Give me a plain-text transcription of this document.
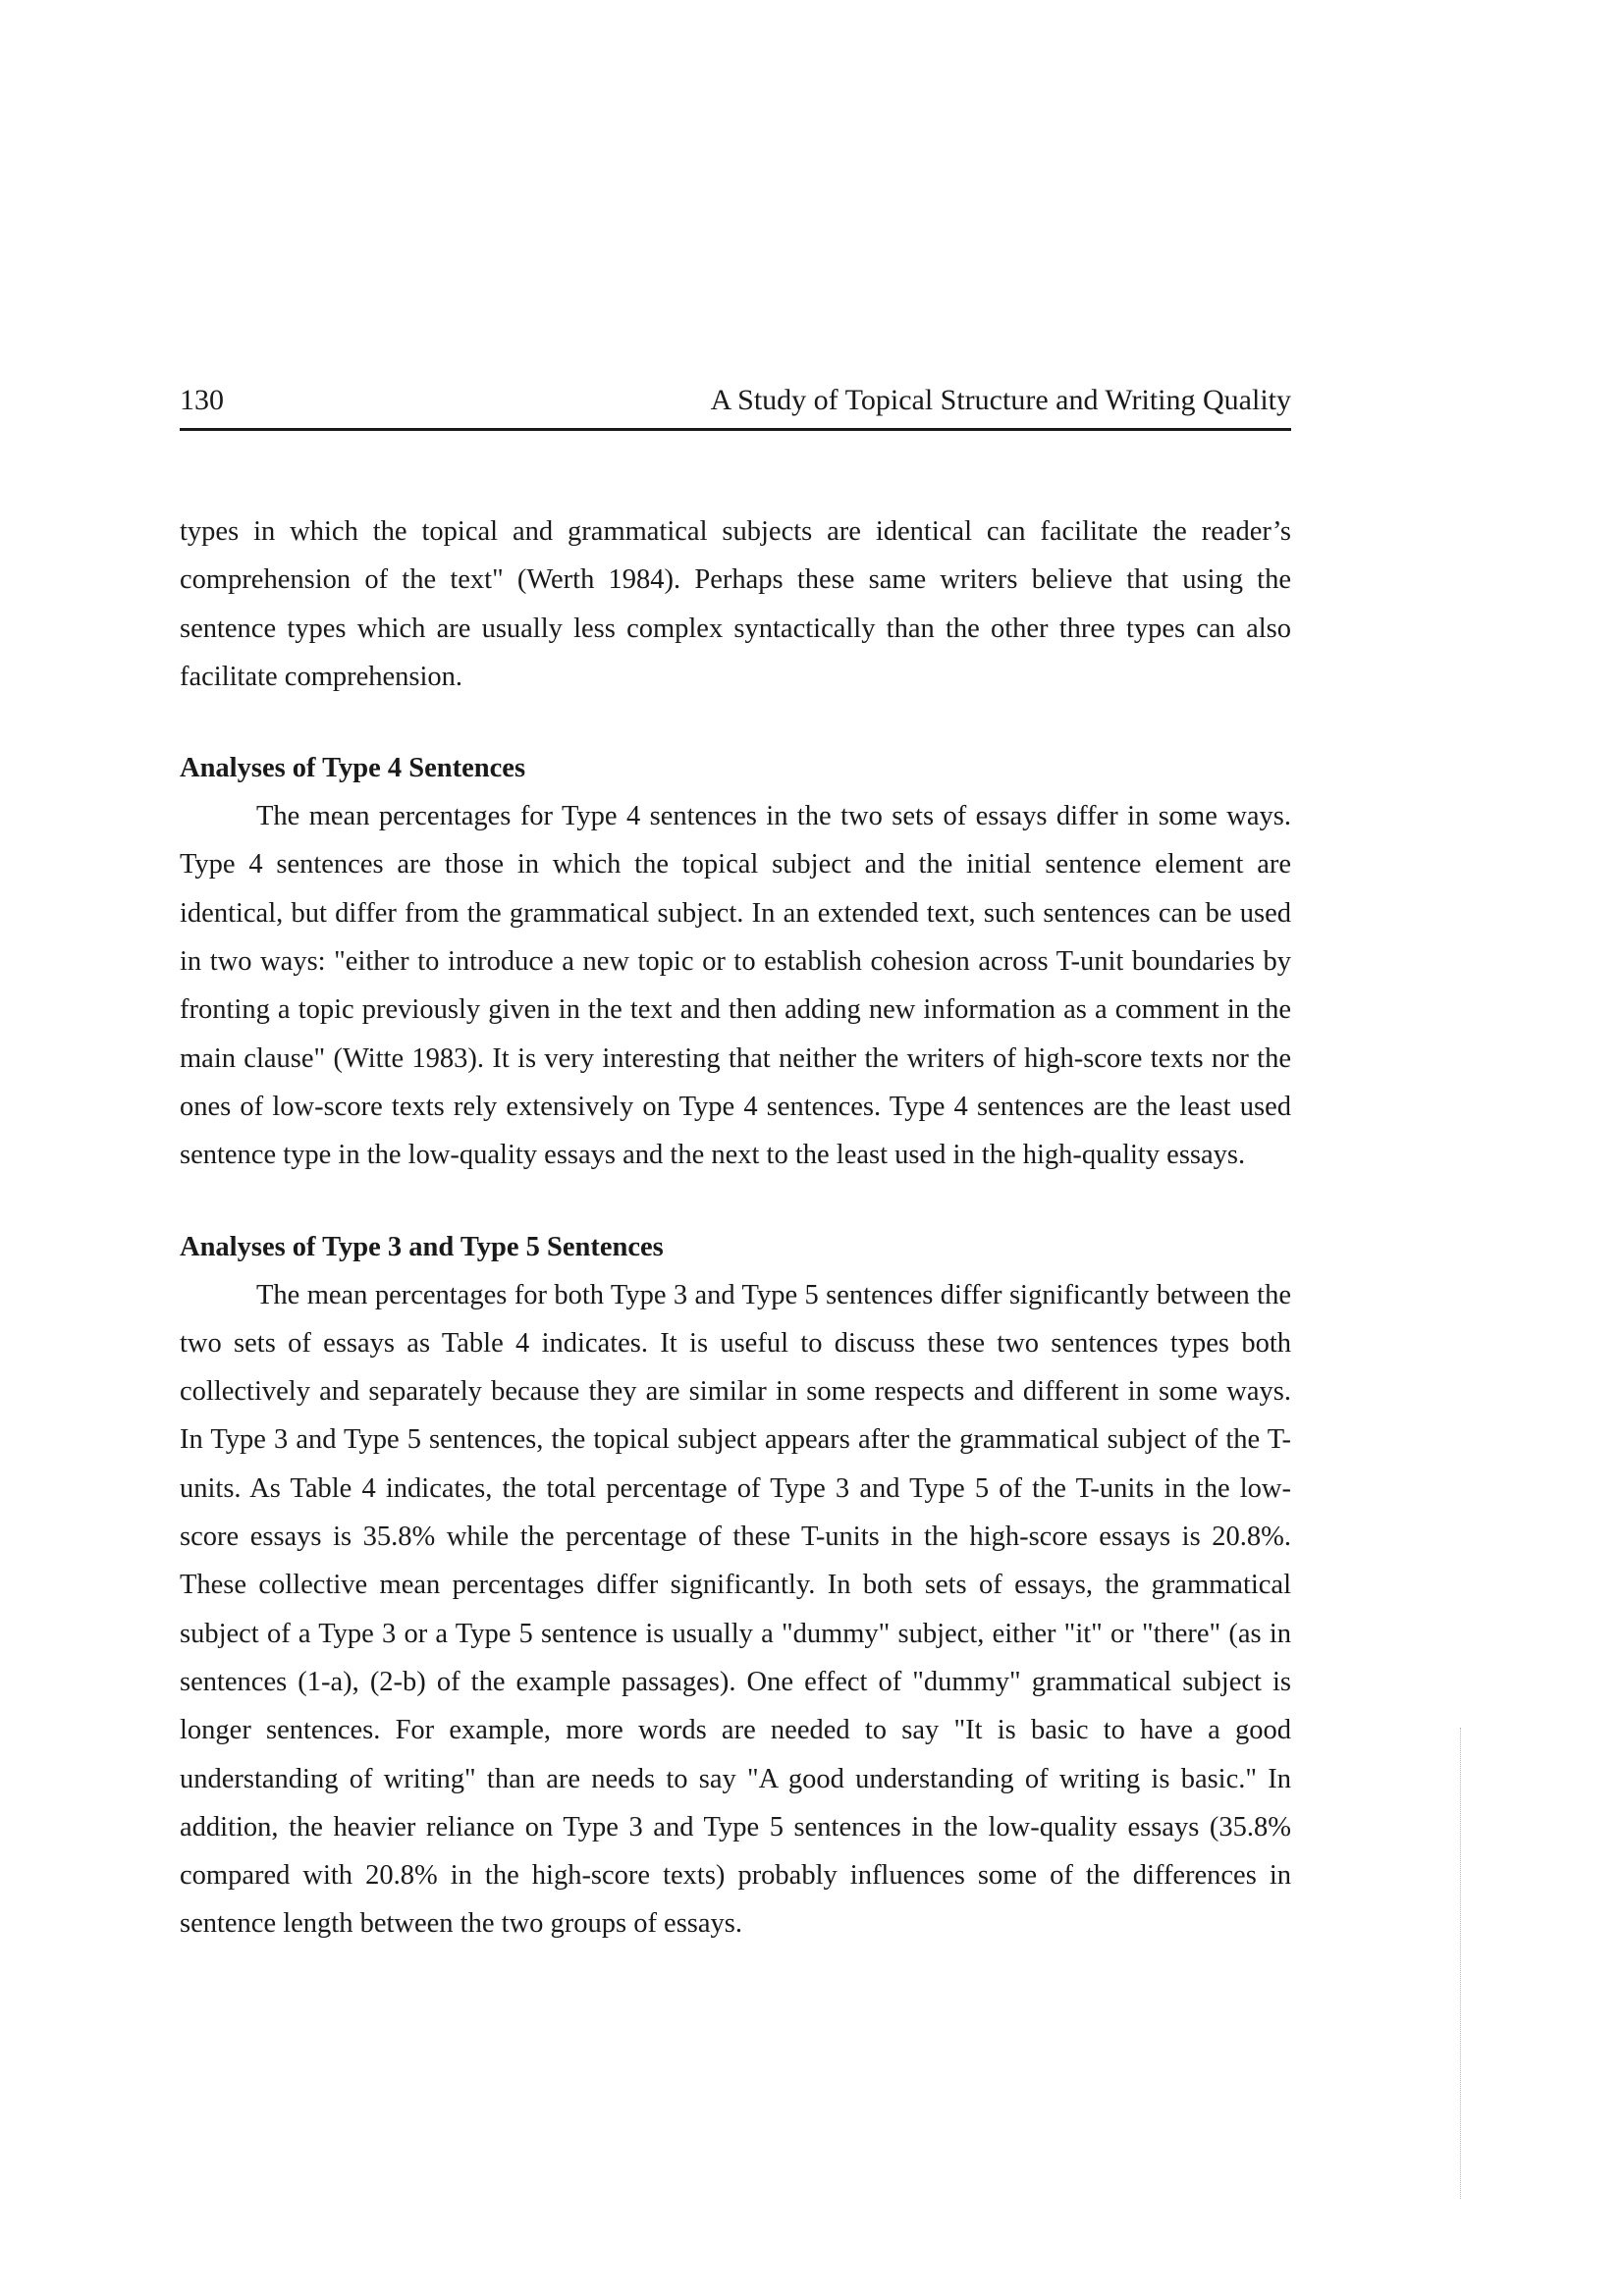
130	A Study of Topical Structure and Writing Quality

types in which the topical and grammatical subjects are identical can facilitate the reader’s comprehension of the text" (Werth 1984). Perhaps these same writers believe that using the sentence types which are usually less complex syntactically than the other three types can also facilitate comprehension.

Analyses of Type 4 Sentences

The mean percentages for Type 4 sentences in the two sets of essays differ in some ways. Type 4 sentences are those in which the topical subject and the initial sentence element are identical, but differ from the grammatical subject. In an extended text, such sentences can be used in two ways: "either to introduce a new topic or to establish cohesion across T-unit boundaries by fronting a topic previously given in the text and then adding new information as a comment in the main clause" (Witte 1983). It is very interesting that neither the writers of high-score texts nor the ones of low-score texts rely extensively on Type 4 sentences. Type 4 sentences are the least used sentence type in the low-quality essays and the next to the least used in the high-quality essays.

Analyses of Type 3 and Type 5 Sentences

The mean percentages for both Type 3 and Type 5 sentences differ significantly between the two sets of essays as Table 4 indicates. It is useful to discuss these two sentences types both collectively and separately because they are similar in some respects and different in some ways. In Type 3 and Type 5 sentences, the topical subject appears after the grammatical subject of the T-units. As Table 4 indicates, the total percentage of Type 3 and Type 5 of the T-units in the low-score essays is 35.8% while the percentage of these T-units in the high-score essays is 20.8%. These collective mean percentages differ significantly. In both sets of essays, the grammatical subject of a Type 3 or a Type 5 sentence is usually a "dummy" subject, either "it" or "there" (as in sentences (1-a), (2-b) of the example passages). One effect of "dummy" grammatical subject is longer sentences. For example, more words are needed to say "It is basic to have a good understanding of writing" than are needs to say "A good understanding of writing is basic." In addition, the heavier reliance on Type 3 and Type 5 sentences in the low-quality essays (35.8% compared with 20.8% in the high-score texts) probably influences some of the differences in sentence length between the two groups of essays.
